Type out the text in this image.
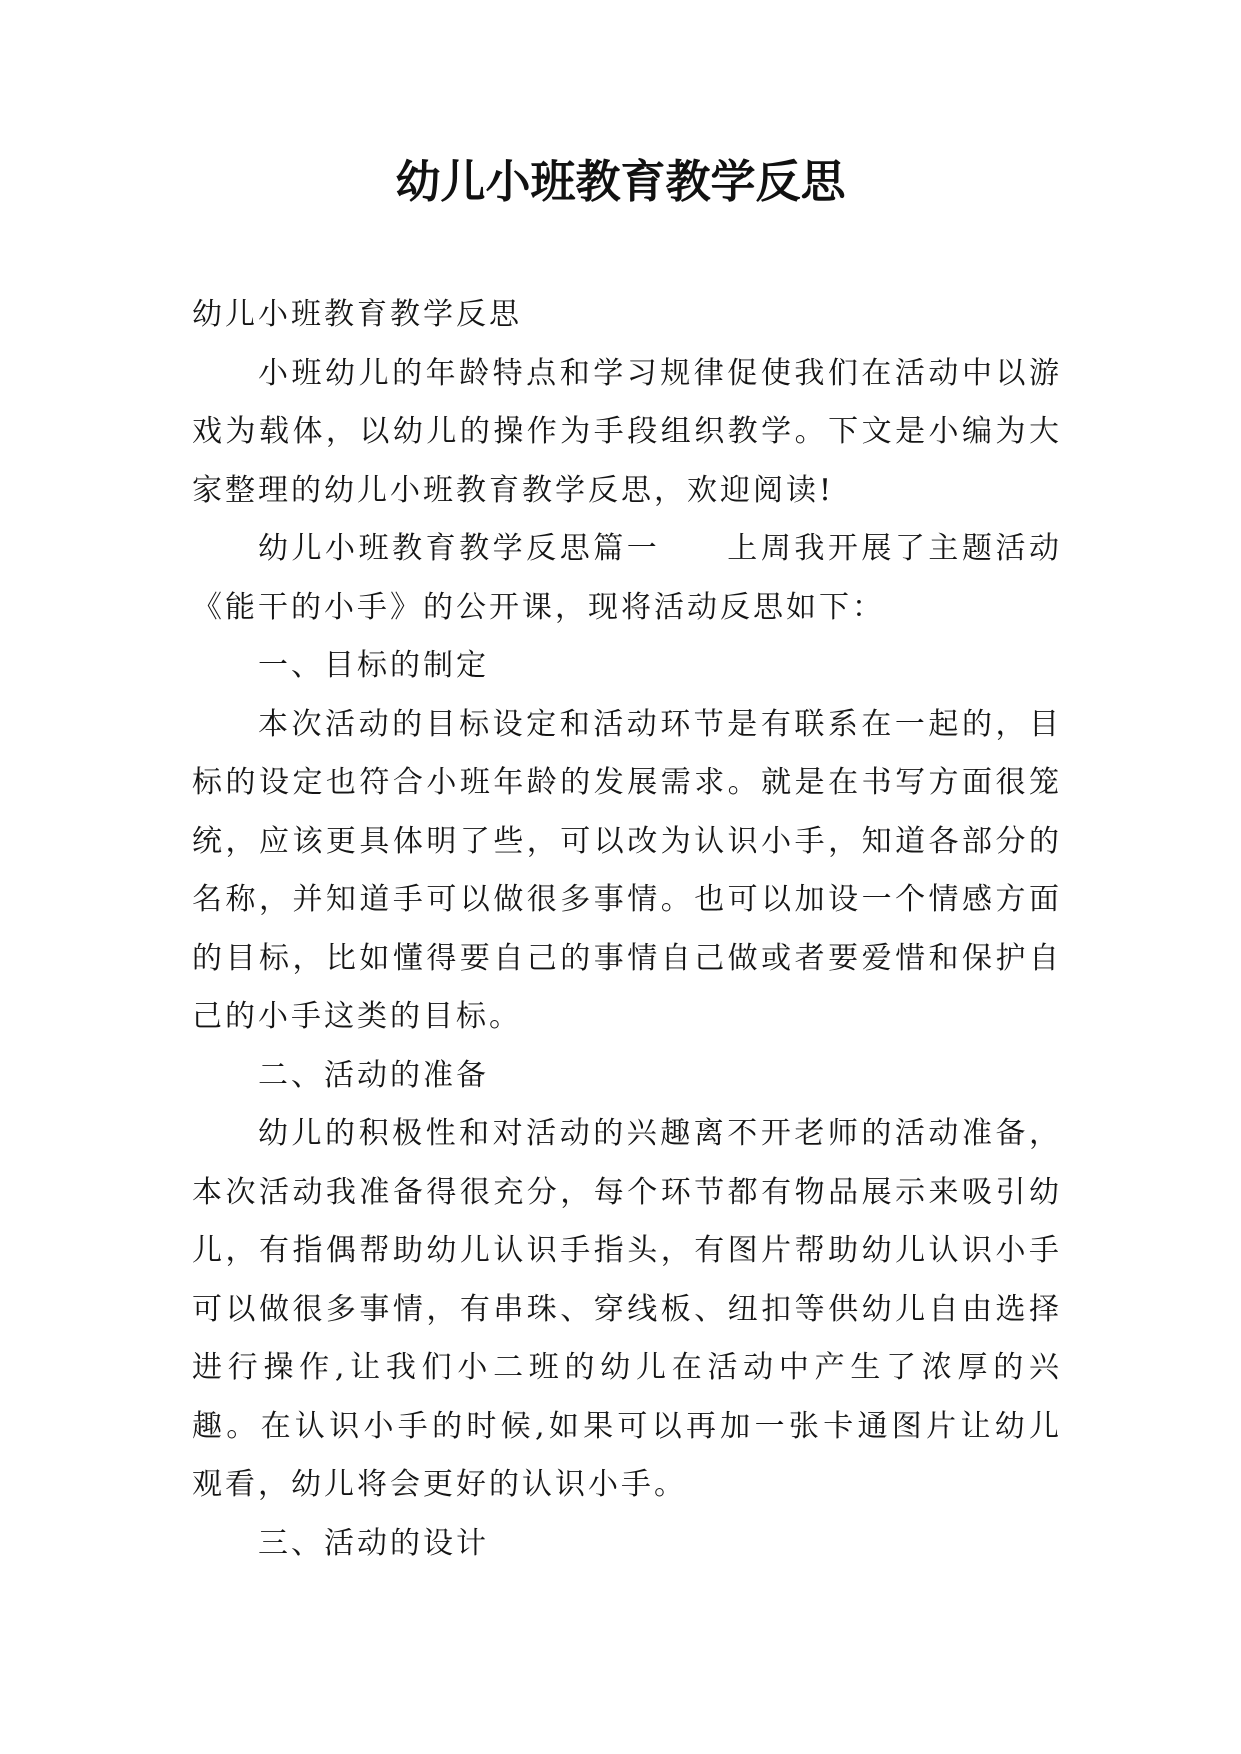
幼儿小班教育教学反思

幼儿小班教育教学反思

小班幼儿的年龄特点和学习规律促使我们在活动中以游戏为载体，以幼儿的操作为手段组织教学。下文是小编为大家整理的幼儿小班教育教学反思，欢迎阅读!

幼儿小班教育教学反思篇一　　上周我开展了主题活动《能干的小手》的公开课，现将活动反思如下：

一、目标的制定

本次活动的目标设定和活动环节是有联系在一起的，目标的设定也符合小班年龄的发展需求。就是在书写方面很笼统，应该更具体明了些，可以改为认识小手，知道各部分的名称，并知道手可以做很多事情。也可以加设一个情感方面的目标，比如懂得要自己的事情自己做或者要爱惜和保护自己的小手这类的目标。

二、活动的准备

幼儿的积极性和对活动的兴趣离不开老师的活动准备，本次活动我准备得很充分，每个环节都有物品展示来吸引幼儿，有指偶帮助幼儿认识手指头，有图片帮助幼儿认识小手可以做很多事情，有串珠、穿线板、纽扣等供幼儿自由选择进行操作,让我们小二班的幼儿在活动中产生了浓厚的兴趣。在认识小手的时候,如果可以再加一张卡通图片让幼儿观看，幼儿将会更好的认识小手。

三、活动的设计
